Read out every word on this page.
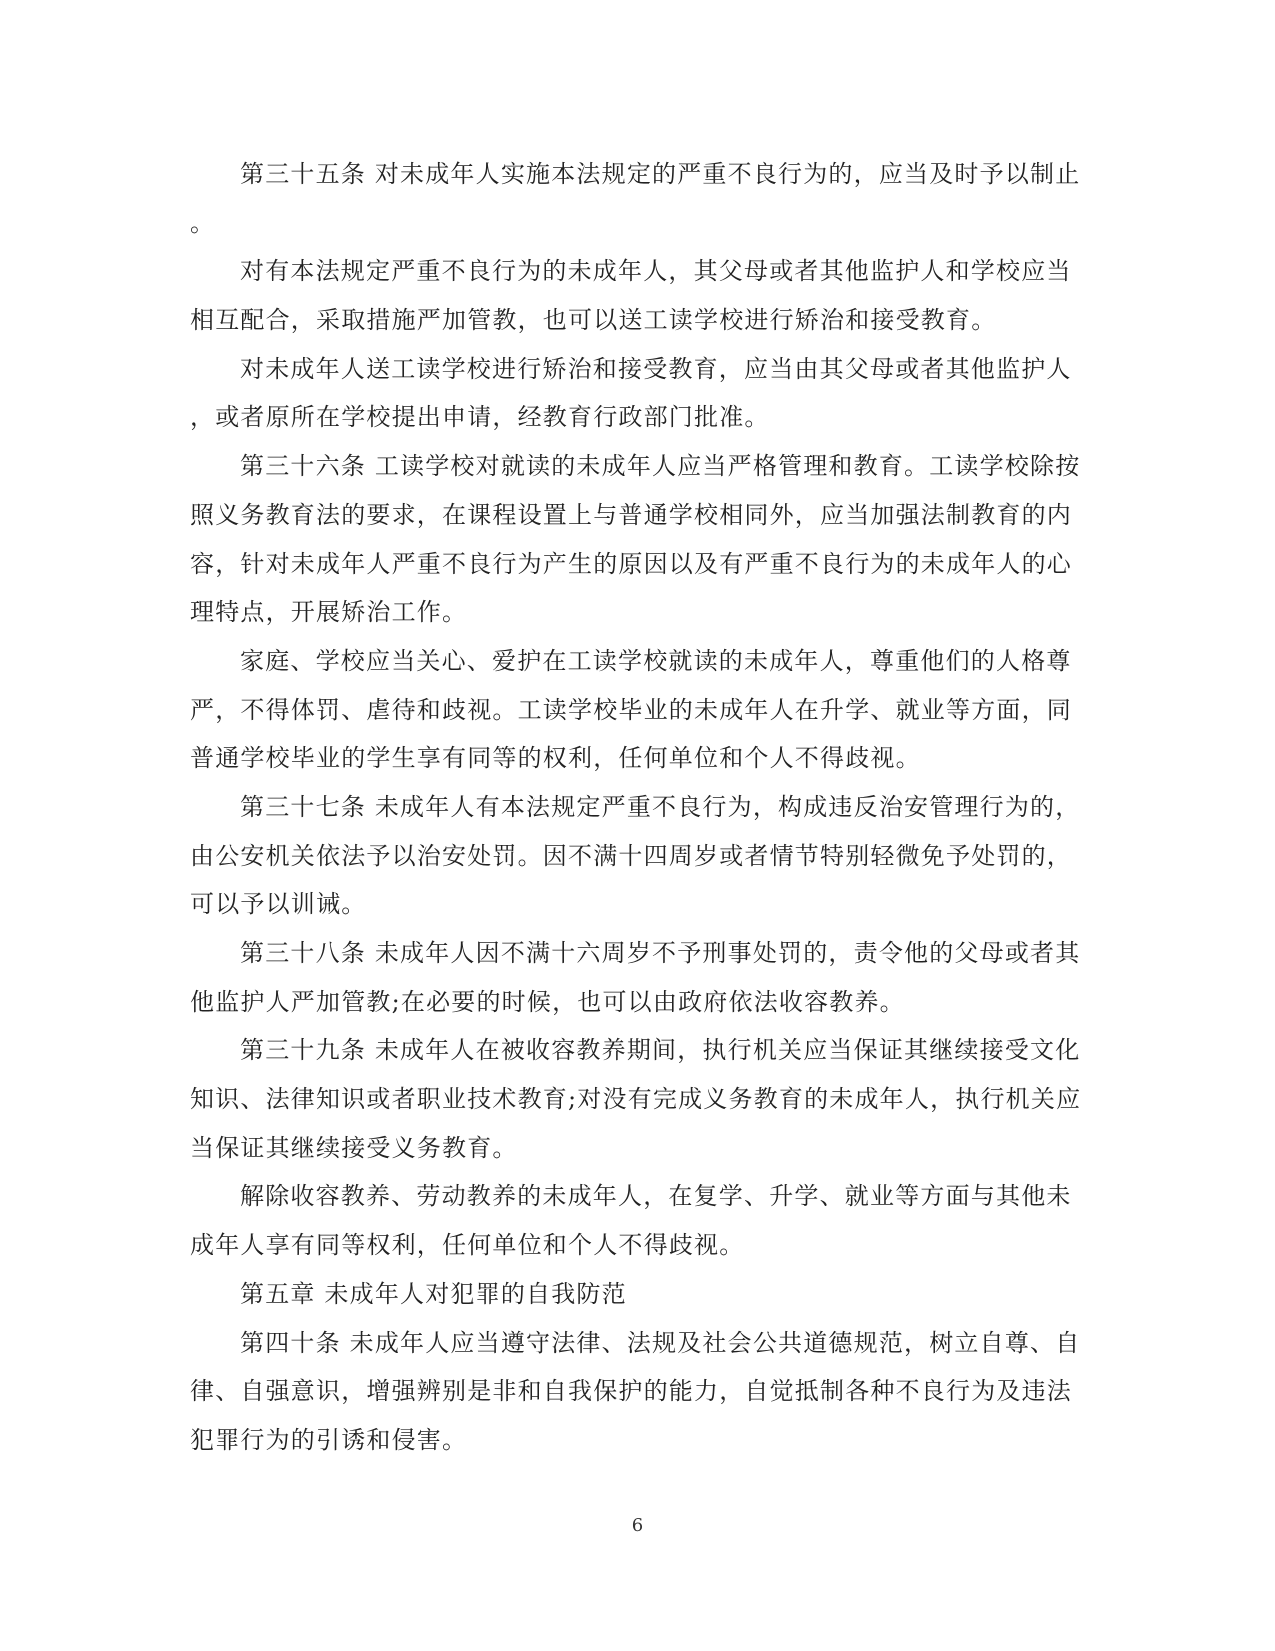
第三十五条 对未成年人实施本法规定的严重不良行为的，应当及时予以制止
。
对有本法规定严重不良行为的未成年人，其父母或者其他监护人和学校应当
相互配合，采取措施严加管教，也可以送工读学校进行矫治和接受教育。
对未成年人送工读学校进行矫治和接受教育，应当由其父母或者其他监护人
，或者原所在学校提出申请，经教育行政部门批准。
第三十六条 工读学校对就读的未成年人应当严格管理和教育。工读学校除按
照义务教育法的要求，在课程设置上与普通学校相同外，应当加强法制教育的内
容，针对未成年人严重不良行为产生的原因以及有严重不良行为的未成年人的心
理特点，开展矫治工作。
家庭、学校应当关心、爱护在工读学校就读的未成年人，尊重他们的人格尊
严，不得体罚、虐待和歧视。工读学校毕业的未成年人在升学、就业等方面，同
普通学校毕业的学生享有同等的权利，任何单位和个人不得歧视。
第三十七条 未成年人有本法规定严重不良行为，构成违反治安管理行为的，
由公安机关依法予以治安处罚。因不满十四周岁或者情节特别轻微免予处罚的，
可以予以训诫。
第三十八条 未成年人因不满十六周岁不予刑事处罚的，责令他的父母或者其
他监护人严加管教;在必要的时候，也可以由政府依法收容教养。
第三十九条 未成年人在被收容教养期间，执行机关应当保证其继续接受文化
知识、法律知识或者职业技术教育;对没有完成义务教育的未成年人，执行机关应
当保证其继续接受义务教育。
解除收容教养、劳动教养的未成年人，在复学、升学、就业等方面与其他未
成年人享有同等权利，任何单位和个人不得歧视。
第五章 未成年人对犯罪的自我防范
第四十条 未成年人应当遵守法律、法规及社会公共道德规范，树立自尊、自
律、自强意识，增强辨别是非和自我保护的能力，自觉抵制各种不良行为及违法
犯罪行为的引诱和侵害。
6
